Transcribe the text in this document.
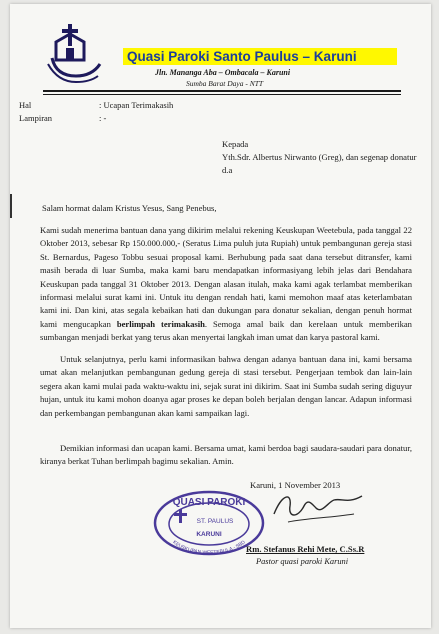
Quasi Paroki Santo Paulus – Karuni
Jln. Mananga Aba – Ombacala – Karuni
Sumba Barat Daya - NTT
Hal	: Ucapan Terimakasih
Lampiran	: -
Kepada
Yth.Sdr. Albertus Nirwanto (Greg), dan segenap donatur
d.a
Salam hormat dalam Kristus Yesus, Sang Penebus,

Kami sudah menerima bantuan dana yang dikirim melalui rekening Keuskupan Weetebula, pada tanggal 22 Oktober 2013, sebesar Rp 150.000.000,- (Seratus Lima puluh juta Rupiah) untuk pembangunan gereja stasi St. Bernardus, Pageso Tobbu sesuai proposal kami. Berhubung pada saat dana tersebut ditransfer, kami masih berada di luar Sumba, maka kami baru mendapatkan informasiyang lebih jelas dari Bendahara Keuskupan pada tanggal 31 Oktober 2013. Dengan alasan itulah, maka kami agak terlambat memberikan informasi melalui surat kami ini. Untuk itu dengan rendah hati, kami memohon maaf atas keterlambatan kami ini. Dan kini, atas segala kebaikan hati dan dukungan para donatur sekalian, dengan penuh hormat kami mengucapkan berlimpah terimakasih. Semoga amal baik dan kerelaan untuk memberikan sumbangan menjadi berkat yang terus akan menyertai langkah iman umat dan karya pastoral kami.

Untuk selanjutnya, perlu kami informasikan bahwa dengan adanya bantuan dana ini, kami bersama umat akan melanjutkan pembangunan gedung gereja di stasi tersebut. Pengerjaan tembok dan lain-lain segera akan kami mulai pada waktu-waktu ini, sejak surat ini dikirim. Saat ini Sumba sudah sering diguyur hujan, untuk itu kami mohon doanya agar proses ke depan boleh berjalan dengan lancar. Adapun informasi dan perkembangan pembangunan akan kami sampaikan lagi.

Demikian informasi dan ucapan kami. Bersama umat, kami berdoa bagi saudara-saudari para donatur, kiranya berkat Tuhan berlimpah bagimu sekalian. Amin.

Karuni, 1 November 2013
QUASI PAROKI
ST. PAULUS
KARUNI
KEUSKUPAN WEETEBULA - SBD
Rm. Stefanus Rehi Mete, C.Ss.R
Pastor quasi paroki Karuni
